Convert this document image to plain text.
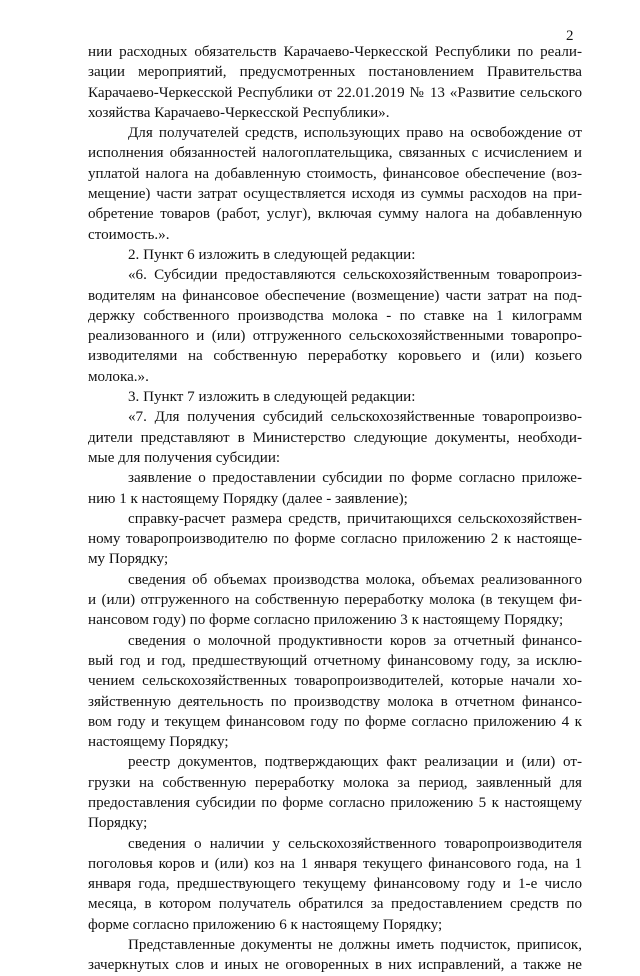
2
нии расходных обязательств Карачаево-Черкесской Республики по реали-
зации мероприятий, предусмотренных постановлением Правительства
Карачаево-Черкесской Республики от 22.01.2019 № 13 «Развитие сельского
хозяйства Карачаево-Черкесской Республики».
Для получателей средств, использующих право на освобождение от
исполнения обязанностей налогоплательщика, связанных с исчислением и
уплатой налога на добавленную стоимость, финансовое обеспечение (воз-
мещение) части затрат осуществляется исходя из суммы расходов на при-
обретение товаров (работ, услуг), включая сумму налога на добавленную
стоимость.».
2. Пункт 6 изложить в следующей редакции:
«6. Субсидии предоставляются сельскохозяйственным товаропроиз-
водителям на финансовое обеспечение (возмещение) части затрат на под-
держку собственного производства молока - по ставке на 1 килограмм
реализованного и (или) отгруженного сельскохозяйственными товаропро-
изводителями на собственную переработку коровьего и (или) козьего
молока.».
3. Пункт 7 изложить в следующей редакции:
«7. Для получения субсидий сельскохозяйственные товаропроизво-
дители представляют в Министерство следующие документы, необходи-
мые для получения субсидии:
заявление о предоставлении субсидии по форме согласно приложе-
нию 1 к настоящему Порядку (далее - заявление);
справку-расчет размера средств, причитающихся сельскохозяйствен-
ному товаропроизводителю по форме согласно приложению 2 к настояще-
му Порядку;
сведения об объемах производства молока, объемах реализованного
и (или) отгруженного на собственную переработку молока (в текущем фи-
нансовом году) по форме согласно приложению 3 к настоящему Порядку;
сведения о молочной продуктивности коров за отчетный финансо-
вый год и год, предшествующий отчетному финансовому году, за исклю-
чением сельскохозяйственных товаропроизводителей, которые начали хо-
зяйственную деятельность по производству молока в отчетном финансо-
вом году и текущем финансовом году по форме согласно приложению 4 к
настоящему Порядку;
реестр документов, подтверждающих факт реализации и (или) от-
грузки на собственную переработку молока за период, заявленный для
предоставления субсидии по форме согласно приложению 5 к настоящему
Порядку;
сведения о наличии у сельскохозяйственного товаропроизводителя
поголовья коров и (или) коз на 1 января текущего финансового года, на 1
января года, предшествующего текущему финансовому году и 1-е число
месяца, в котором получатель обратился за предоставлением средств по
форме согласно приложению 6 к настоящему Порядку;
Представленные документы не должны иметь подчисток, приписок,
зачеркнутых слов и иных не оговоренных в них исправлений, а также не
